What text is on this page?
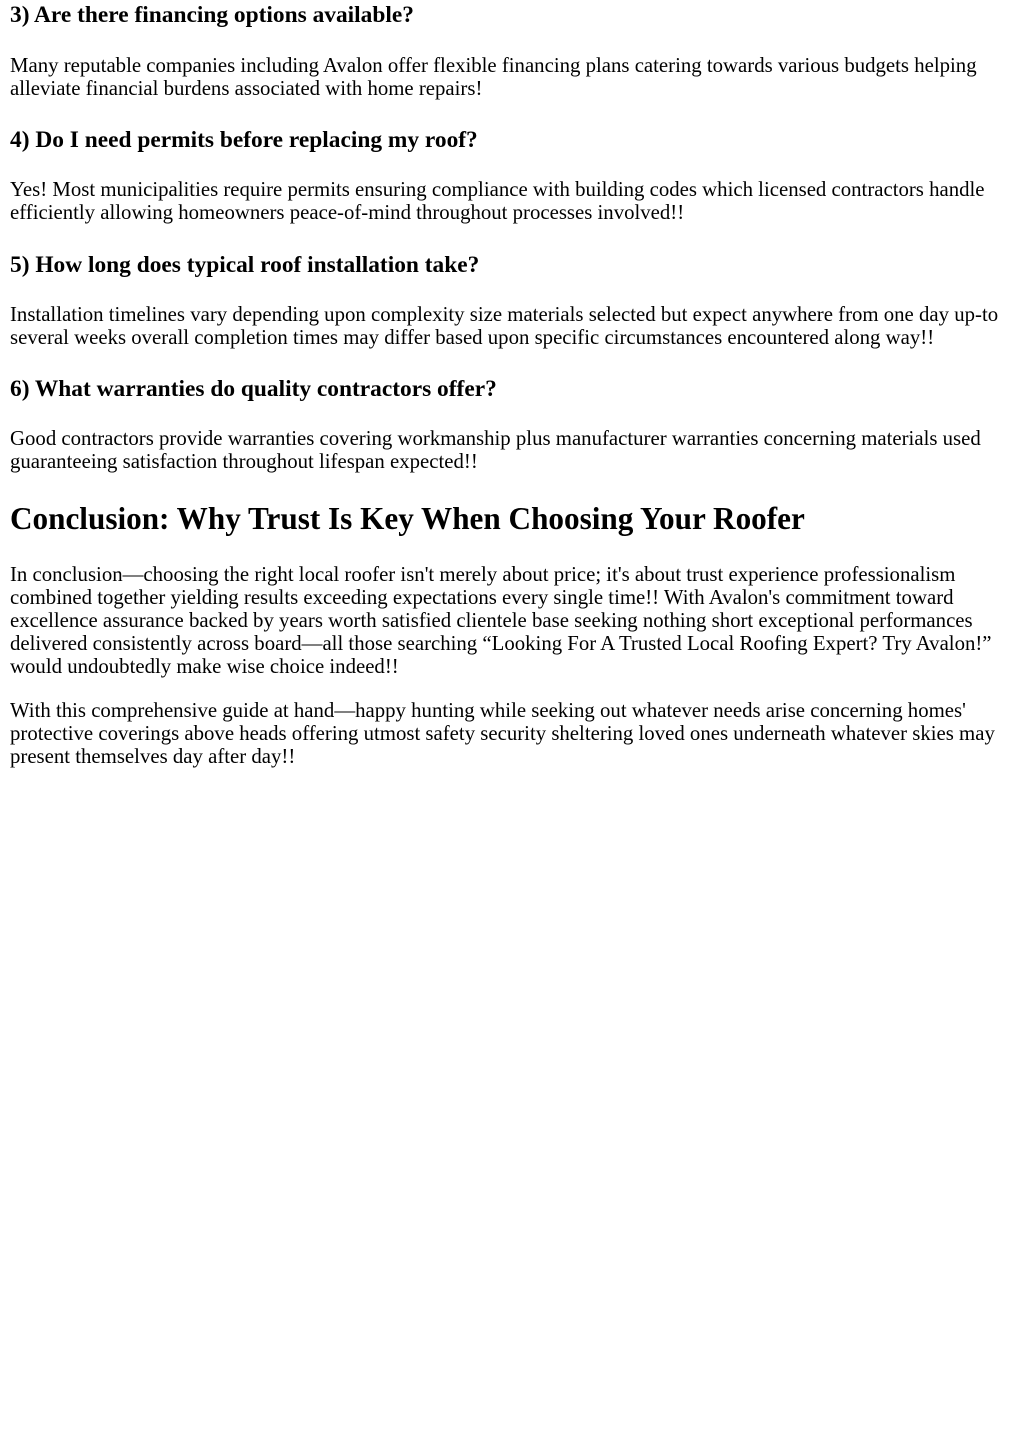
3) Are there financing options available?

Many reputable companies including Avalon offer flexible financing plans catering towards various budgets helping alleviate financial burdens associated with home repairs!

4) Do I need permits before replacing my roof?

Yes! Most municipalities require permits ensuring compliance with building codes which licensed contractors handle efficiently allowing homeowners peace-of-mind throughout processes involved!!

5) How long does typical roof installation take?

Installation timelines vary depending upon complexity size materials selected but expect anywhere from one day up-to several weeks overall completion times may differ based upon specific circumstances encountered along way!!

6) What warranties do quality contractors offer?

Good contractors provide warranties covering workmanship plus manufacturer warranties concerning materials used guaranteeing satisfaction throughout lifespan expected!!

Conclusion: Why Trust Is Key When Choosing Your Roofer

In conclusion—choosing the right local roofer isn't merely about price; it's about trust experience professionalism combined together yielding results exceeding expectations every single time!! With Avalon's commitment toward excellence assurance backed by years worth satisfied clientele base seeking nothing short exceptional performances delivered consistently across board—all those searching “Looking For A Trusted Local Roofing Expert? Try Avalon!” would undoubtedly make wise choice indeed!!

With this comprehensive guide at hand—happy hunting while seeking out whatever needs arise concerning homes' protective coverings above heads offering utmost safety security sheltering loved ones underneath whatever skies may present themselves day after day!!
